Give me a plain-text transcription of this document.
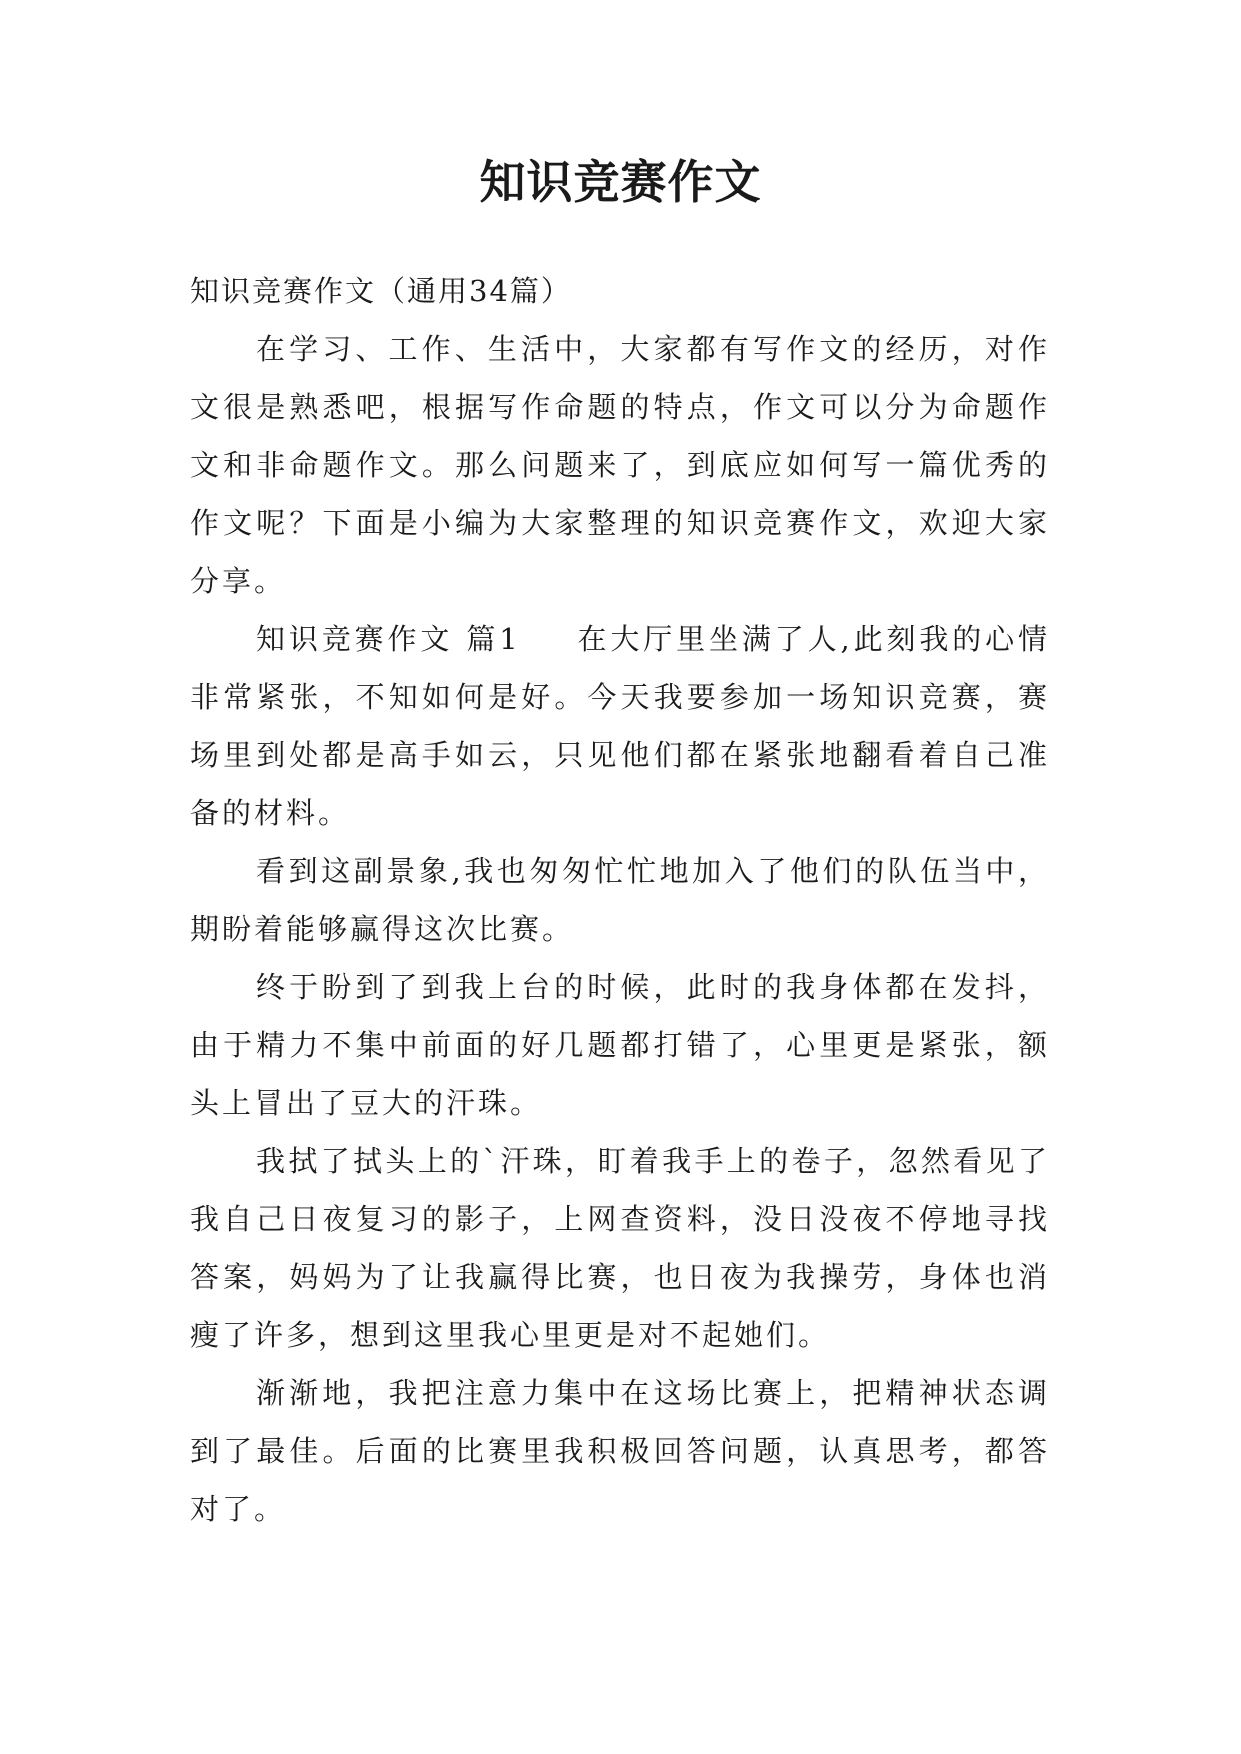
知识竞赛作文

知识竞赛作文（通用34篇）

在学习、工作、生活中，大家都有写作文的经历，对作文很是熟悉吧，根据写作命题的特点，作文可以分为命题作文和非命题作文。那么问题来了，到底应如何写一篇优秀的作文呢？下面是小编为大家整理的知识竞赛作文，欢迎大家分享。

知识竞赛作文 篇1 在大厅里坐满了人,此刻我的心情非常紧张，不知如何是好。今天我要参加一场知识竞赛，赛场里到处都是高手如云，只见他们都在紧张地翻看着自己准备的材料。

看到这副景象,我也匆匆忙忙地加入了他们的队伍当中，期盼着能够赢得这次比赛。

终于盼到了到我上台的时候，此时的我身体都在发抖，由于精力不集中前面的好几题都打错了，心里更是紧张，额头上冒出了豆大的汗珠。

我拭了拭头上的`汗珠，盯着我手上的卷子，忽然看见了我自己日夜复习的影子，上网查资料，没日没夜不停地寻找答案，妈妈为了让我赢得比赛，也日夜为我操劳，身体也消瘦了许多，想到这里我心里更是对不起她们。

渐渐地，我把注意力集中在这场比赛上，把精神状态调到了最佳。后面的比赛里我积极回答问题，认真思考，都答对了。
